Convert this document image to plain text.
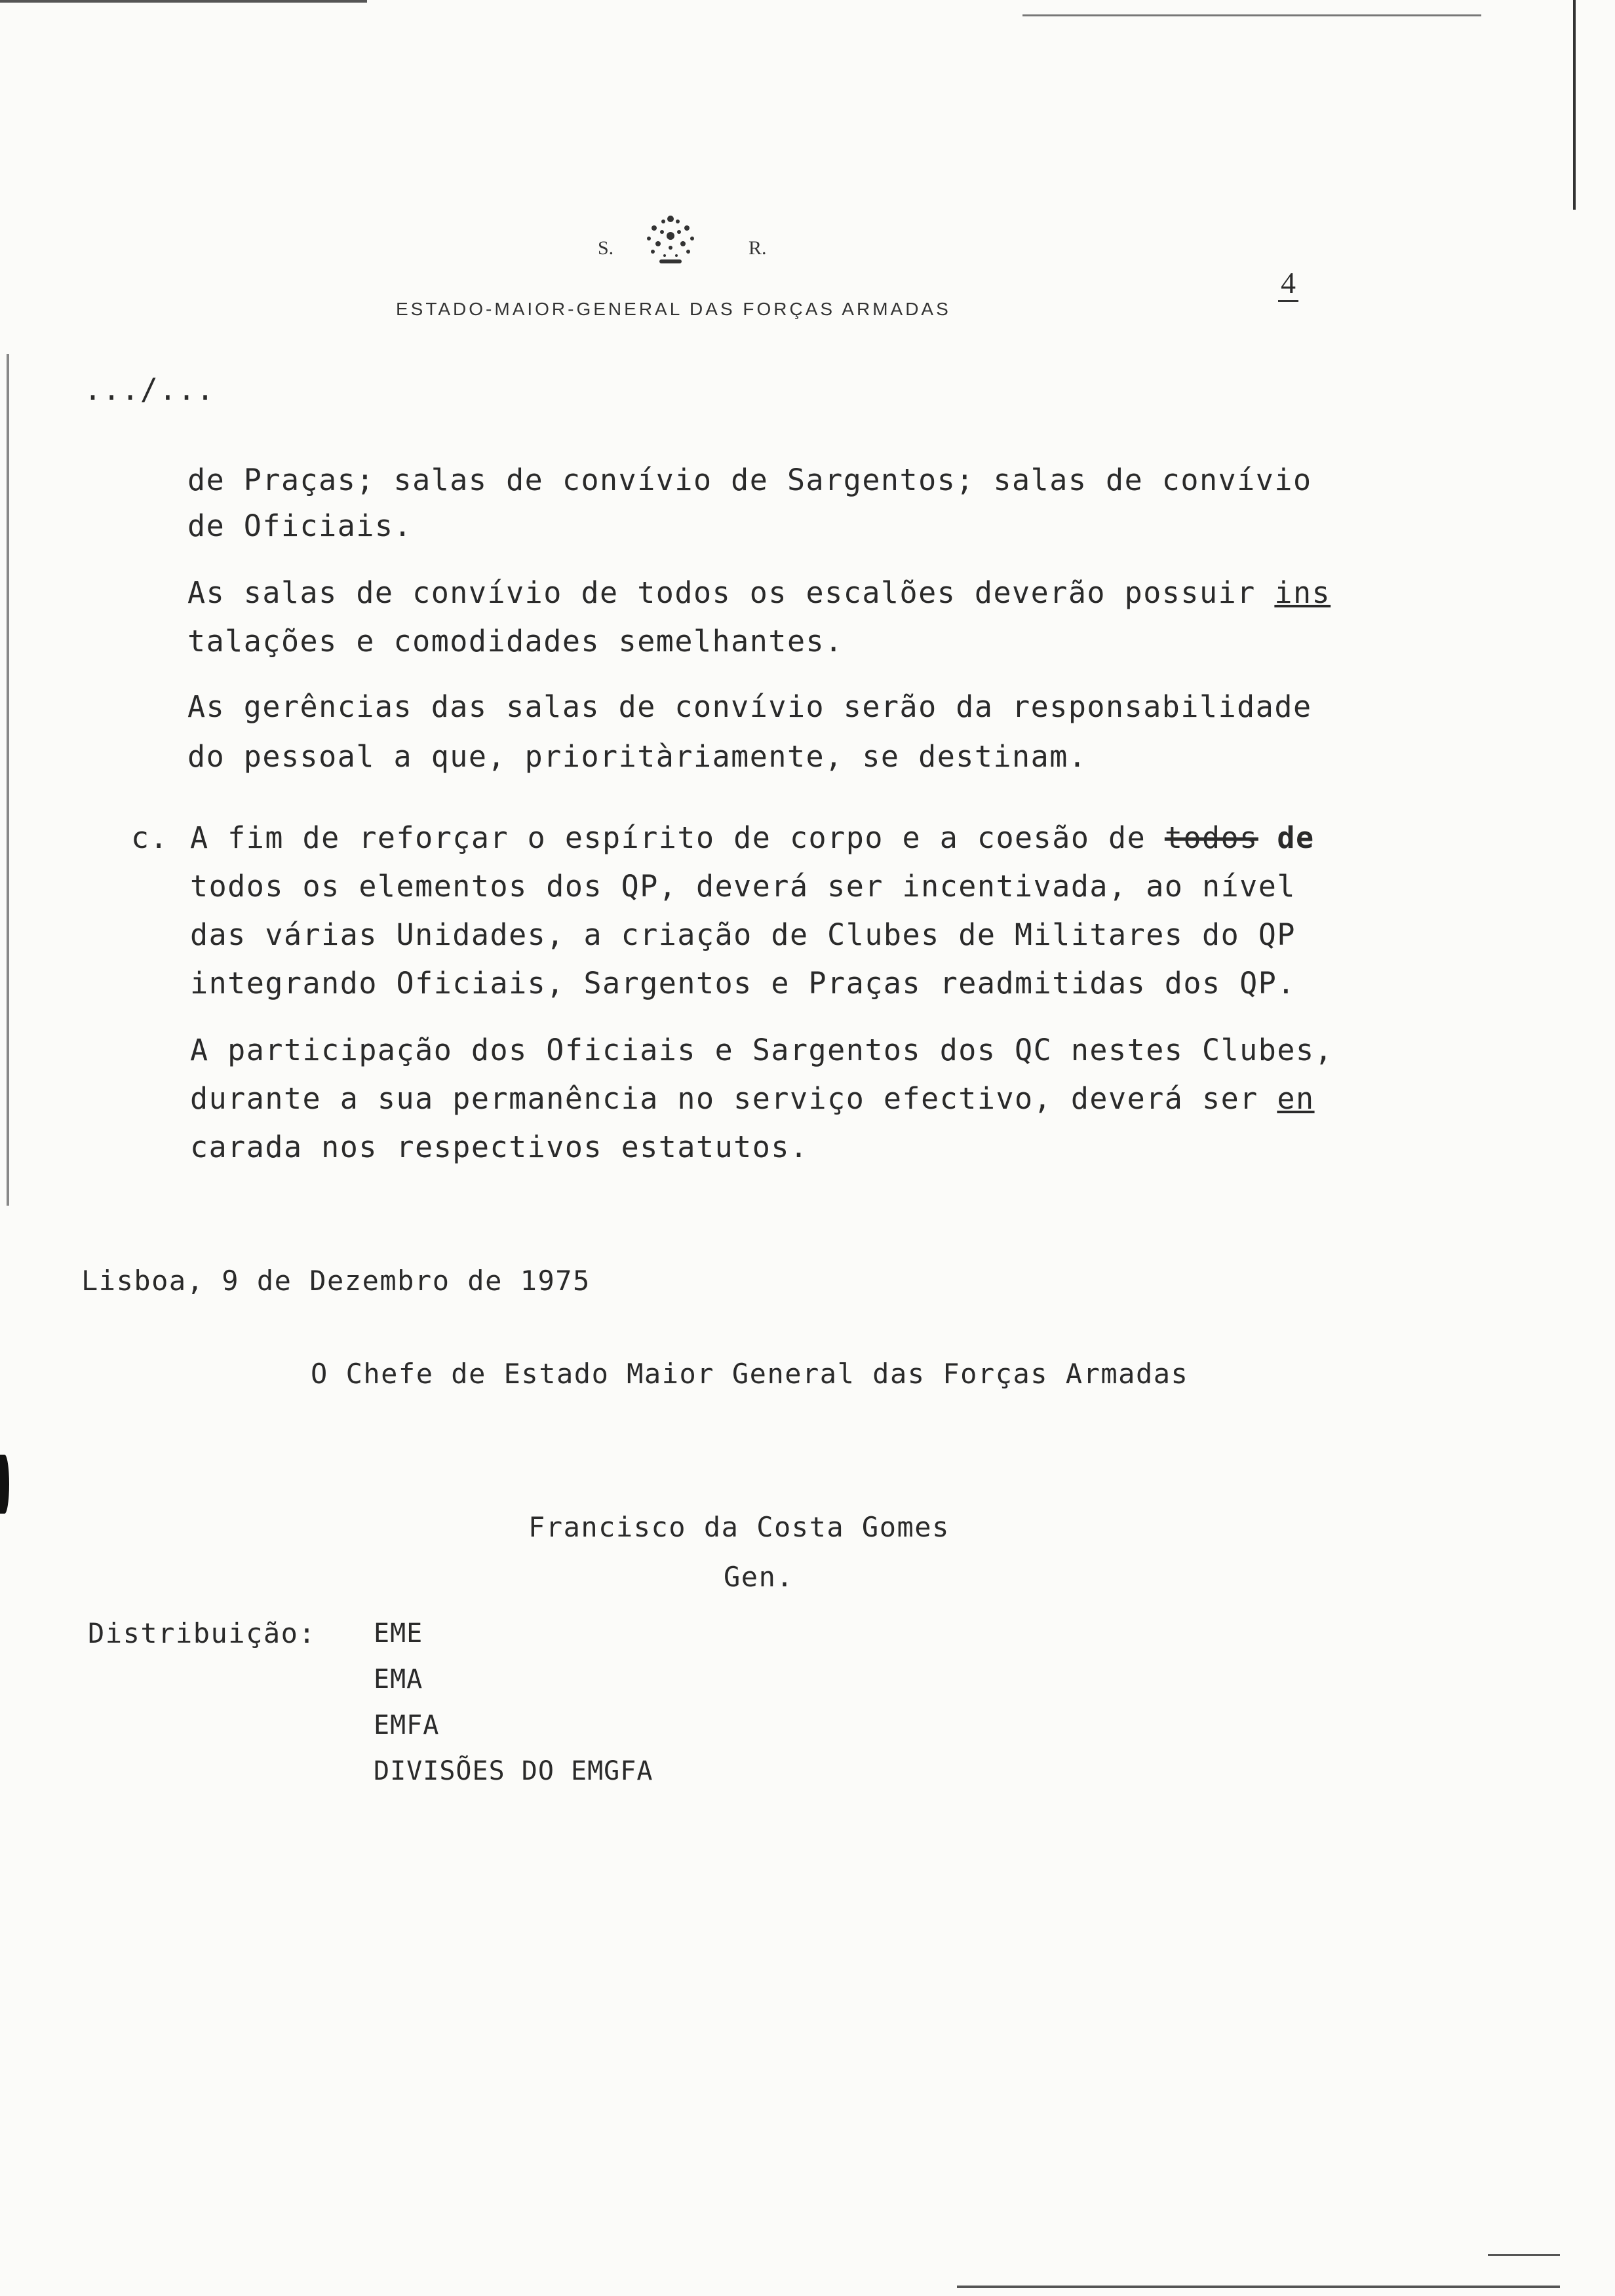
S.	R.
ESTADO-MAIOR-GENERAL DAS FORÇAS ARMADAS
4
.../...
de Praças; salas de convívio de Sargentos; salas de convívio
de Oficiais.
As salas de convívio de todos os escalões deverão possuir ins
talações e comodidades semelhantes.
As gerências das salas de convívio serão da responsabilidade
do pessoal a que, prioritàriamente, se destinam.
c. A fim de reforçar o espírito de corpo e a coesão de todos de
todos os elementos dos QP, deverá ser incentivada, ao nível
das várias Unidades, a criação de Clubes de Militares do QP
integrando Oficiais, Sargentos e Praças readmitidas dos QP.
A participação dos Oficiais e Sargentos dos QC nestes Clubes,
durante a sua permanência no serviço efectivo, deverá ser en
carada nos respectivos estatutos.
Lisboa, 9 de Dezembro de 1975
O Chefe de Estado Maior General das Forças Armadas
Francisco da Costa Gomes
Gen.
Distribuição: EME
EMA
EMFA
DIVISÕES DO EMGFA
